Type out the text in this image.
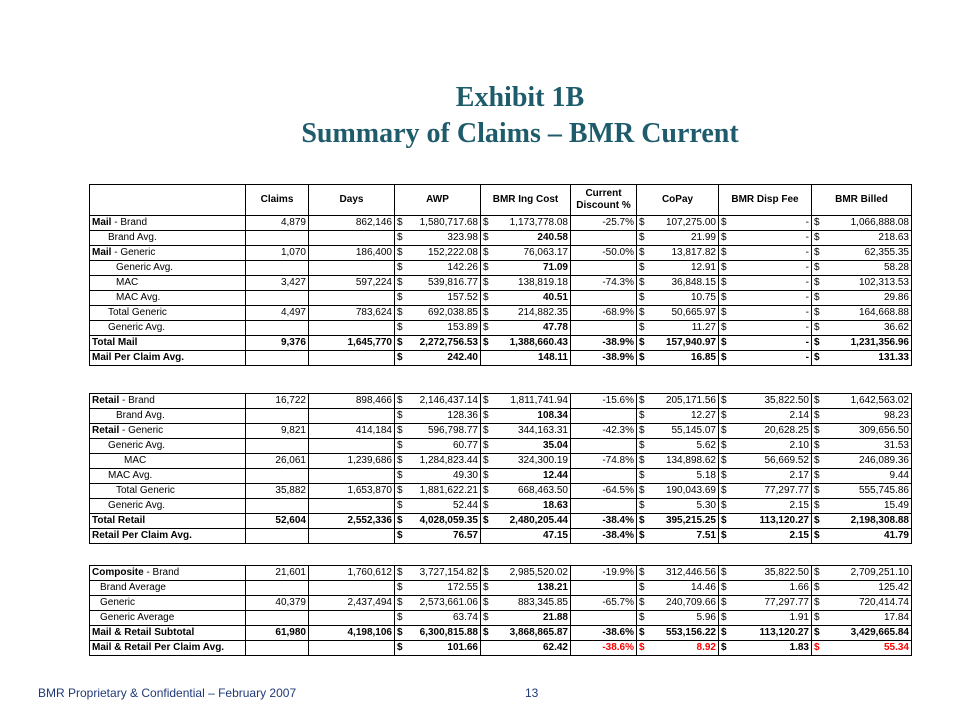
Exhibit 1B
Summary of Claims – BMR Current
	Claims	Days	AWP	BMR Ing Cost	Current Discount %	CoPay	BMR Disp Fee	BMR Billed
Mail - Brand	4,879	862,146	$ 1,580,717.68	$ 1,173,778.08	-25.7%	$ 107,275.00	$ -	$ 1,066,888.08

Brand Avg.			$ 323.98	$ 240.58		$ 21.99	$ -	$ 218.63

Mail - Generic	1,070	186,400	$ 152,222.08	$ 76,063.17	-50.0%	$ 13,817.82	$ -	$ 62,355.35

Generic Avg.			$ 142.26	$ 71.09		$ 12.91	$ -	$ 58.28

MAC	3,427	597,224	$ 539,816.77	$ 138,819.18	-74.3%	$ 36,848.15	$ -	$ 102,313.53

MAC Avg.			$ 157.52	$ 40.51		$ 10.75	$ -	$ 29.86

Total Generic	4,497	783,624	$ 692,038.85	$ 214,882.35	-68.9%	$ 50,665.97	$ -	$ 164,668.88

Generic Avg.			$ 153.89	$ 47.78		$ 11.27	$ -	$ 36.62

Total Mail	9,376	1,645,770	$ 2,272,756.53	$ 1,388,660.43	-38.9%	$ 157,940.97	$ -	$ 1,231,356.96

Mail Per Claim Avg.			$ 242.40	148.11	-38.9%	$ 16.85	$ -	$ 131.33
Retail - Brand	16,722	898,466	$ 2,146,437.14	$ 1,811,741.94	-15.6%	$ 205,171.56	$ 35,822.50	$ 1,642,563.02

Brand Avg.			$ 128.36	$ 108.34		$ 12.27	$ 2.14	$ 98.23

Retail - Generic	9,821	414,184	$ 596,798.77	$ 344,163.31	-42.3%	$ 55,145.07	$ 20,628.25	$ 309,656.50

Generic Avg.			$ 60.77	$ 35.04		$ 5.62	$ 2.10	$ 31.53

MAC	26,061	1,239,686	$ 1,284,823.44	$ 324,300.19	-74.8%	$ 134,898.62	$ 56,669.52	$ 246,089.36

MAC Avg.			$ 49.30	$ 12.44		$ 5.18	$ 2.17	$ 9.44

Total Generic	35,882	1,653,870	$ 1,881,622.21	$ 668,463.50	-64.5%	$ 190,043.69	$ 77,297.77	$ 555,745.86

Generic Avg.			$ 52.44	$ 18.63		$ 5.30	$ 2.15	$ 15.49

Total Retail	52,604	2,552,336	$ 4,028,059.35	$ 2,480,205.44	-38.4%	$ 395,215.25	$ 113,120.27	$ 2,198,308.88

Retail Per Claim Avg.			$ 76.57	47.15	-38.4%	$ 7.51	$ 2.15	$ 41.79
Composite - Brand	21,601	1,760,612	$ 3,727,154.82	$ 2,985,520.02	-19.9%	$ 312,446.56	$ 35,822.50	$ 2,709,251.10

Brand Average			$ 172.55	$ 138.21		$ 14.46	$ 1.66	$ 125.42

Generic	40,379	2,437,494	$ 2,573,661.06	$ 883,345.85	-65.7%	$ 240,709.66	$ 77,297.77	$ 720,414.74

Generic Average			$ 63.74	$ 21.88		$ 5.96	$ 1.91	$ 17.84

Mail & Retail Subtotal	61,980	4,198,106	$ 6,300,815.88	$ 3,868,865.87	-38.6%	$ 553,156.22	$ 113,120.27	$ 3,429,665.84

Mail & Retail Per Claim Avg.			$ 101.66	62.42	-38.6%	$ 8.92	$ 1.83	$ 55.34
BMR Proprietary & Confidential – February 2007	13
